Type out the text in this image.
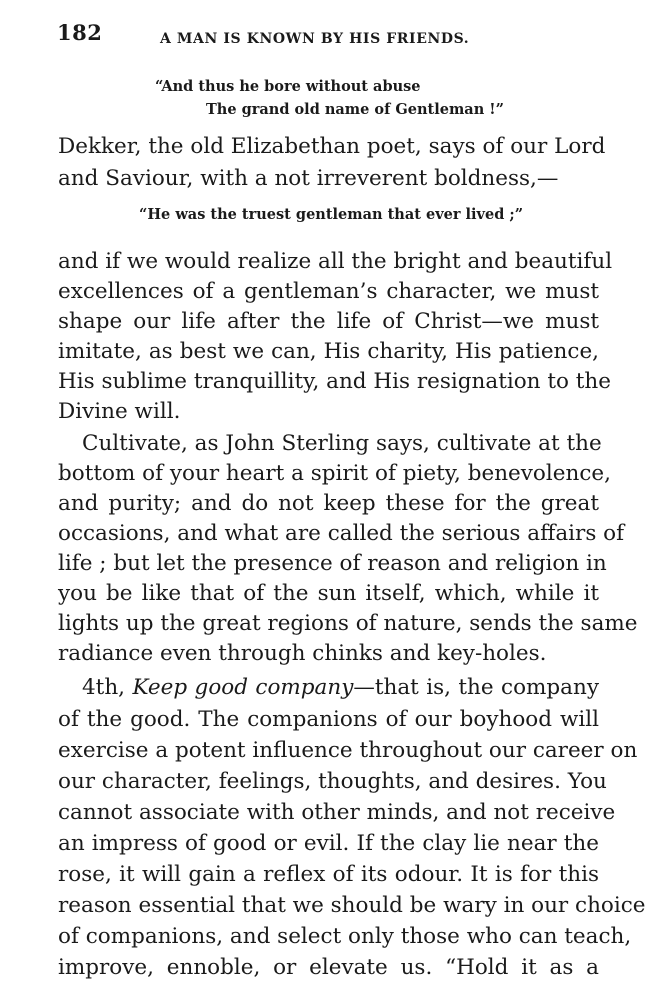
182	A MAN IS KNOWN BY HIS FRIENDS.
“And thus he bore without abuse
The grand old name of Gentleman !”
Dekker, the old Elizabethan poet, says of our Lord
and Saviour, with a not irreverent boldness,—
“He was the truest gentleman that ever lived ;”
and if we would realize all the bright and beautiful
excellences of a gentleman’s character, we must
shape our life after the life of Christ—we must
imitate, as best we can, His charity, His patience,
His sublime tranquillity, and His resignation to the
Divine will.
Cultivate, as John Sterling says, cultivate at the
bottom of your heart a spirit of piety, benevolence,
and purity; and do not keep these for the great
occasions, and what are called the serious affairs of
life ; but let the presence of reason and religion in
you be like that of the sun itself, which, while it
lights up the great regions of nature, sends the same
radiance even through chinks and key-holes.
4th, Keep good company—that is, the company
of the good. The companions of our boyhood will
exercise a potent influence throughout our career on
our character, feelings, thoughts, and desires. You
cannot associate with other minds, and not receive
an impress of good or evil. If the clay lie near the
rose, it will gain a reflex of its odour. It is for this
reason essential that we should be wary in our choice
of companions, and select only those who can teach,
improve, ennoble, or elevate us. “Hold it as a
